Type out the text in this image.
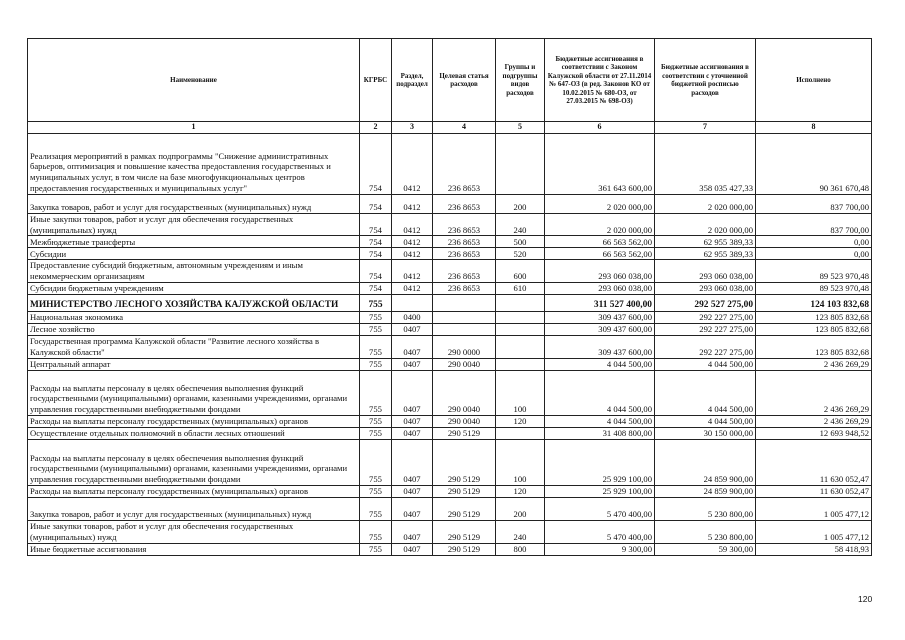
Наименование	КГРБС	Раздел, подраздел	Целевая статья расходов	Группы и подгруппы видов расходов	Бюджетные ассигнования в соответствии с Законом Калужской области от 27.11.2014 № 647-ОЗ (в ред. Законов КО от 10.02.2015 № 680-ОЗ, от 27.03.2015 № 698-ОЗ)	Бюджетные ассигнования в соответствии с уточненной бюджетной росписью расходов	Исполнено
1	2	3	4	5	6	7	8
Реализация мероприятий в рамках подпрограммы "Снижение административных барьеров, оптимизация и повышение качества предоставления государственных и муниципальных услуг, в том числе на базе многофункциональных центров предоставления государственных и муниципальных услуг"	754	0412	236 8653		361 643 600,00	358 035 427,33	90 361 670,48
Закупка товаров, работ и услуг для государственных (муниципальных) нужд	754	0412	236 8653	200	2 020 000,00	2 020 000,00	837 700,00
Иные закупки товаров, работ и услуг для обеспечения государственных (муниципальных) нужд	754	0412	236 8653	240	2 020 000,00	2 020 000,00	837 700,00
Межбюджетные трансферты	754	0412	236 8653	500	66 563 562,00	62 955 389,33	0,00
Субсидии	754	0412	236 8653	520	66 563 562,00	62 955 389,33	0,00
Предоставление субсидий бюджетным, автономным учреждениям и иным некоммерческим организациям	754	0412	236 8653	600	293 060 038,00	293 060 038,00	89 523 970,48
Субсидии бюджетным учреждениям	754	0412	236 8653	610	293 060 038,00	293 060 038,00	89 523 970,48
МИНИСТЕРСТВО ЛЕСНОГО ХОЗЯЙСТВА КАЛУЖСКОЙ ОБЛАСТИ	755				311 527 400,00	292 527 275,00	124 103 832,68
Национальная экономика	755	0400			309 437 600,00	292 227 275,00	123 805 832,68
Лесное хозяйство	755	0407			309 437 600,00	292 227 275,00	123 805 832,68
Государственная программа Калужской области "Развитие лесного хозяйства в Калужской области"	755	0407	290 0000		309 437 600,00	292 227 275,00	123 805 832,68
Центральный аппарат	755	0407	290 0040		4 044 500,00	4 044 500,00	2 436 269,29
Расходы на выплаты персоналу в целях обеспечения выполнения функций государственными (муниципальными) органами, казенными учреждениями, органами управления государственными внебюджетными фондами	755	0407	290 0040	100	4 044 500,00	4 044 500,00	2 436 269,29
Расходы на выплаты персоналу государственных (муниципальных) органов	755	0407	290 0040	120	4 044 500,00	4 044 500,00	2 436 269,29
Осуществление отдельных полномочий в области лесных отношений	755	0407	290 5129		31 408 800,00	30 150 000,00	12 693 948,52
Расходы на выплаты персоналу в целях обеспечения выполнения функций государственными (муниципальными) органами, казенными учреждениями, органами управления государственными внебюджетными фондами	755	0407	290 5129	100	25 929 100,00	24 859 900,00	11 630 052,47
Расходы на выплаты персоналу государственных (муниципальных) органов	755	0407	290 5129	120	25 929 100,00	24 859 900,00	11 630 052,47
Закупка товаров, работ и услуг для государственных (муниципальных) нужд	755	0407	290 5129	200	5 470 400,00	5 230 800,00	1 005 477,12
Иные закупки товаров, работ и услуг для обеспечения государственных (муниципальных) нужд	755	0407	290 5129	240	5 470 400,00	5 230 800,00	1 005 477,12
Иные бюджетные ассигнования	755	0407	290 5129	800	9 300,00	59 300,00	58 418,93
120
